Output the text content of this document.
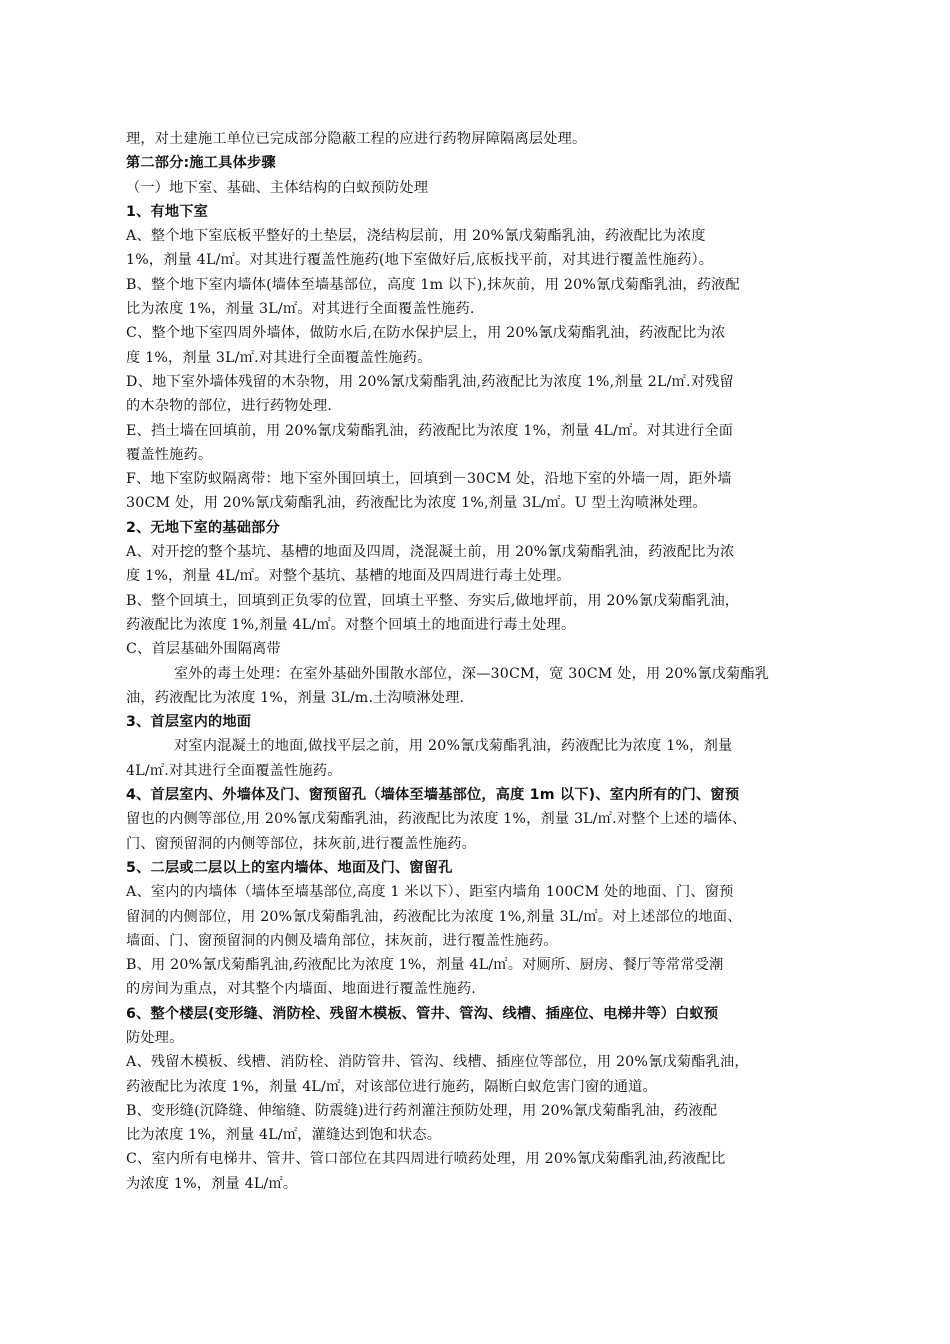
理，对土建施工单位已完成部分隐蔽工程的应进行药物屏障隔离层处理。
第二部分:施工具体步骤
（一）地下室、基础、主体结构的白蚁预防处理
1、有地下室
A、整个地下室底板平整好的土垫层，浇结构层前，用 20%氰戊菊酯乳油，药液配比为浓度
1%，剂量 4L/㎡。对其进行覆盖性施药(地下室做好后,底板找平前，对其进行覆盖性施药）。
B、整个地下室内墙体(墙体至墙基部位，高度 1m 以下),抹灰前，用 20%氰戊菊酯乳油，药液配
比为浓度 1%，剂量 3L/㎡。对其进行全面覆盖性施药.
C、整个地下室四周外墙体，做防水后,在防水保护层上，用 20%氰戊菊酯乳油，药液配比为浓
度 1%，剂量 3L/㎡.对其进行全面覆盖性施药。
D、地下室外墙体残留的木杂物，用 20%氰戊菊酯乳油,药液配比为浓度 1%,剂量 2L/㎡.对残留
的木杂物的部位，进行药物处理.
E、挡土墙在回填前，用 20%氰戊菊酯乳油，药液配比为浓度 1%，剂量 4L/㎡。对其进行全面
覆盖性施药。
F、地下室防蚁隔离带：地下室外围回填土，回填到－30CM 处，沿地下室的外墙一周，距外墙
30CM 处，用 20%氰戊菊酯乳油，药液配比为浓度 1%,剂量 3L/㎡。U 型土沟喷淋处理。
2、无地下室的基础部分
A、对开挖的整个基坑、基槽的地面及四周，浇混凝土前，用 20%氰戊菊酯乳油，药液配比为浓
度 1%，剂量 4L/㎡。对整个基坑、基槽的地面及四周进行毒土处理。
B、整个回填土，回填到正负零的位置，回填土平整、夯实后,做地坪前，用 20%氰戊菊酯乳油，
药液配比为浓度 1%,剂量 4L/㎡。对整个回填土的地面进行毒土处理。
C、首层基础外围隔离带
室外的毒土处理：在室外基础外围散水部位，深—30CM，宽 30CM 处，用 20%氰戊菊酯乳
油，药液配比为浓度 1%，剂量 3L/m.土沟喷淋处理.
3、首层室内的地面
对室内混凝土的地面,做找平层之前，用 20%氰戊菊酯乳油，药液配比为浓度 1%，剂量
4L/㎡.对其进行全面覆盖性施药。
4、首层室内、外墙体及门、窗预留孔（墙体至墙基部位，高度 1m 以下)、室内所有的门、窗预
留也的内侧等部位,用 20%氰戊菊酯乳油，药液配比为浓度 1%，剂量 3L/㎡.对整个上述的墙体、
门、窗预留洞的内侧等部位，抹灰前,进行覆盖性施药。
5、二层或二层以上的室内墙体、地面及门、窗留孔
A、室内的内墙体（墙体至墙基部位,高度 1 米以下）、距室内墙角 100CM 处的地面、门、窗预
留洞的内侧部位，用 20%氰戊菊酯乳油，药液配比为浓度 1%,剂量 3L/㎡。对上述部位的地面、
墙面、门、窗预留洞的内侧及墙角部位，抹灰前，进行覆盖性施药。
B、用 20%氰戊菊酯乳油,药液配比为浓度 1%，剂量 4L/㎡。对厕所、厨房、餐厅等常常受潮
的房间为重点，对其整个内墙面、地面进行覆盖性施药.
6、整个楼层(变形缝、消防栓、残留木模板、管井、管沟、线槽、插座位、电梯井等）白蚁预
防处理。
A、残留木模板、线槽、消防栓、消防管井、管沟、线槽、插座位等部位，用 20%氰戊菊酯乳油，
药液配比为浓度 1%，剂量 4L/㎡，对该部位进行施药，隔断白蚁危害门窗的通道。
B、变形缝(沉降缝、伸缩缝、防震缝)进行药剂灌注预防处理，用 20%氰戊菊酯乳油，药液配
比为浓度 1%，剂量 4L/㎡，灌缝达到饱和状态。
C、室内所有电梯井、管井、管口部位在其四周进行喷药处理，用 20%氰戊菊酯乳油,药液配比
为浓度 1%，剂量 4L/㎡。
